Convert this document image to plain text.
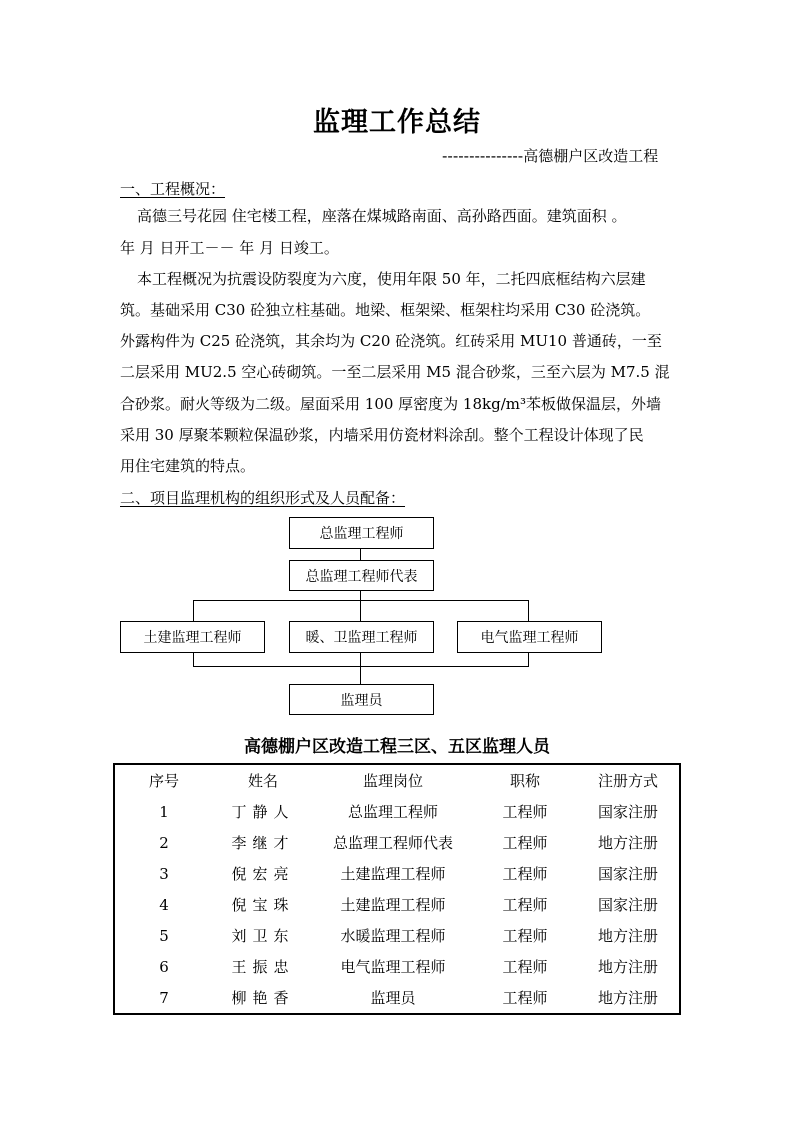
监理工作总结
---------------高德棚户区改造工程
一、工程概况：
高德三号花园 住宅楼工程，座落在煤城路南面、高孙路西面。建筑面积 。
年 月 日开工－－ 年 月 日竣工。
本工程概况为抗震设防裂度为六度，使用年限 50 年，二托四底框结构六层建
筑。基础采用 C30 砼独立柱基础。地梁、框架梁、框架柱均采用 C30 砼浇筑。
外露构件为 C25 砼浇筑，其余均为 C20 砼浇筑。红砖采用 MU10 普通砖，一至
二层采用 MU2.5 空心砖砌筑。一至二层采用 M5 混合砂浆，三至六层为 M7.5 混
合砂浆。耐火等级为二级。屋面采用 100 厚密度为 18kg/m³苯板做保温层，外墙
采用 30 厚聚苯颗粒保温砂浆，内墙采用仿瓷材料涂刮。整个工程设计体现了民
用住宅建筑的特点。
二、项目监理机构的组织形式及人员配备：
总监理工程师
总监理工程师代表
土建监理工程师	暖、卫监理工程师	电气监理工程师
监理员
高德棚户区改造工程三区、五区监理人员
序号	姓名	监理岗位	职称	注册方式
1	丁静人	总监理工程师	工程师	国家注册
2	李继才	总监理工程师代表	工程师	地方注册
3	倪宏亮	土建监理工程师	工程师	国家注册
4	倪宝珠	土建监理工程师	工程师	国家注册
5	刘卫东	水暖监理工程师	工程师	地方注册
6	王振忠	电气监理工程师	工程师	地方注册
7	柳艳香	监理员	工程师	地方注册
